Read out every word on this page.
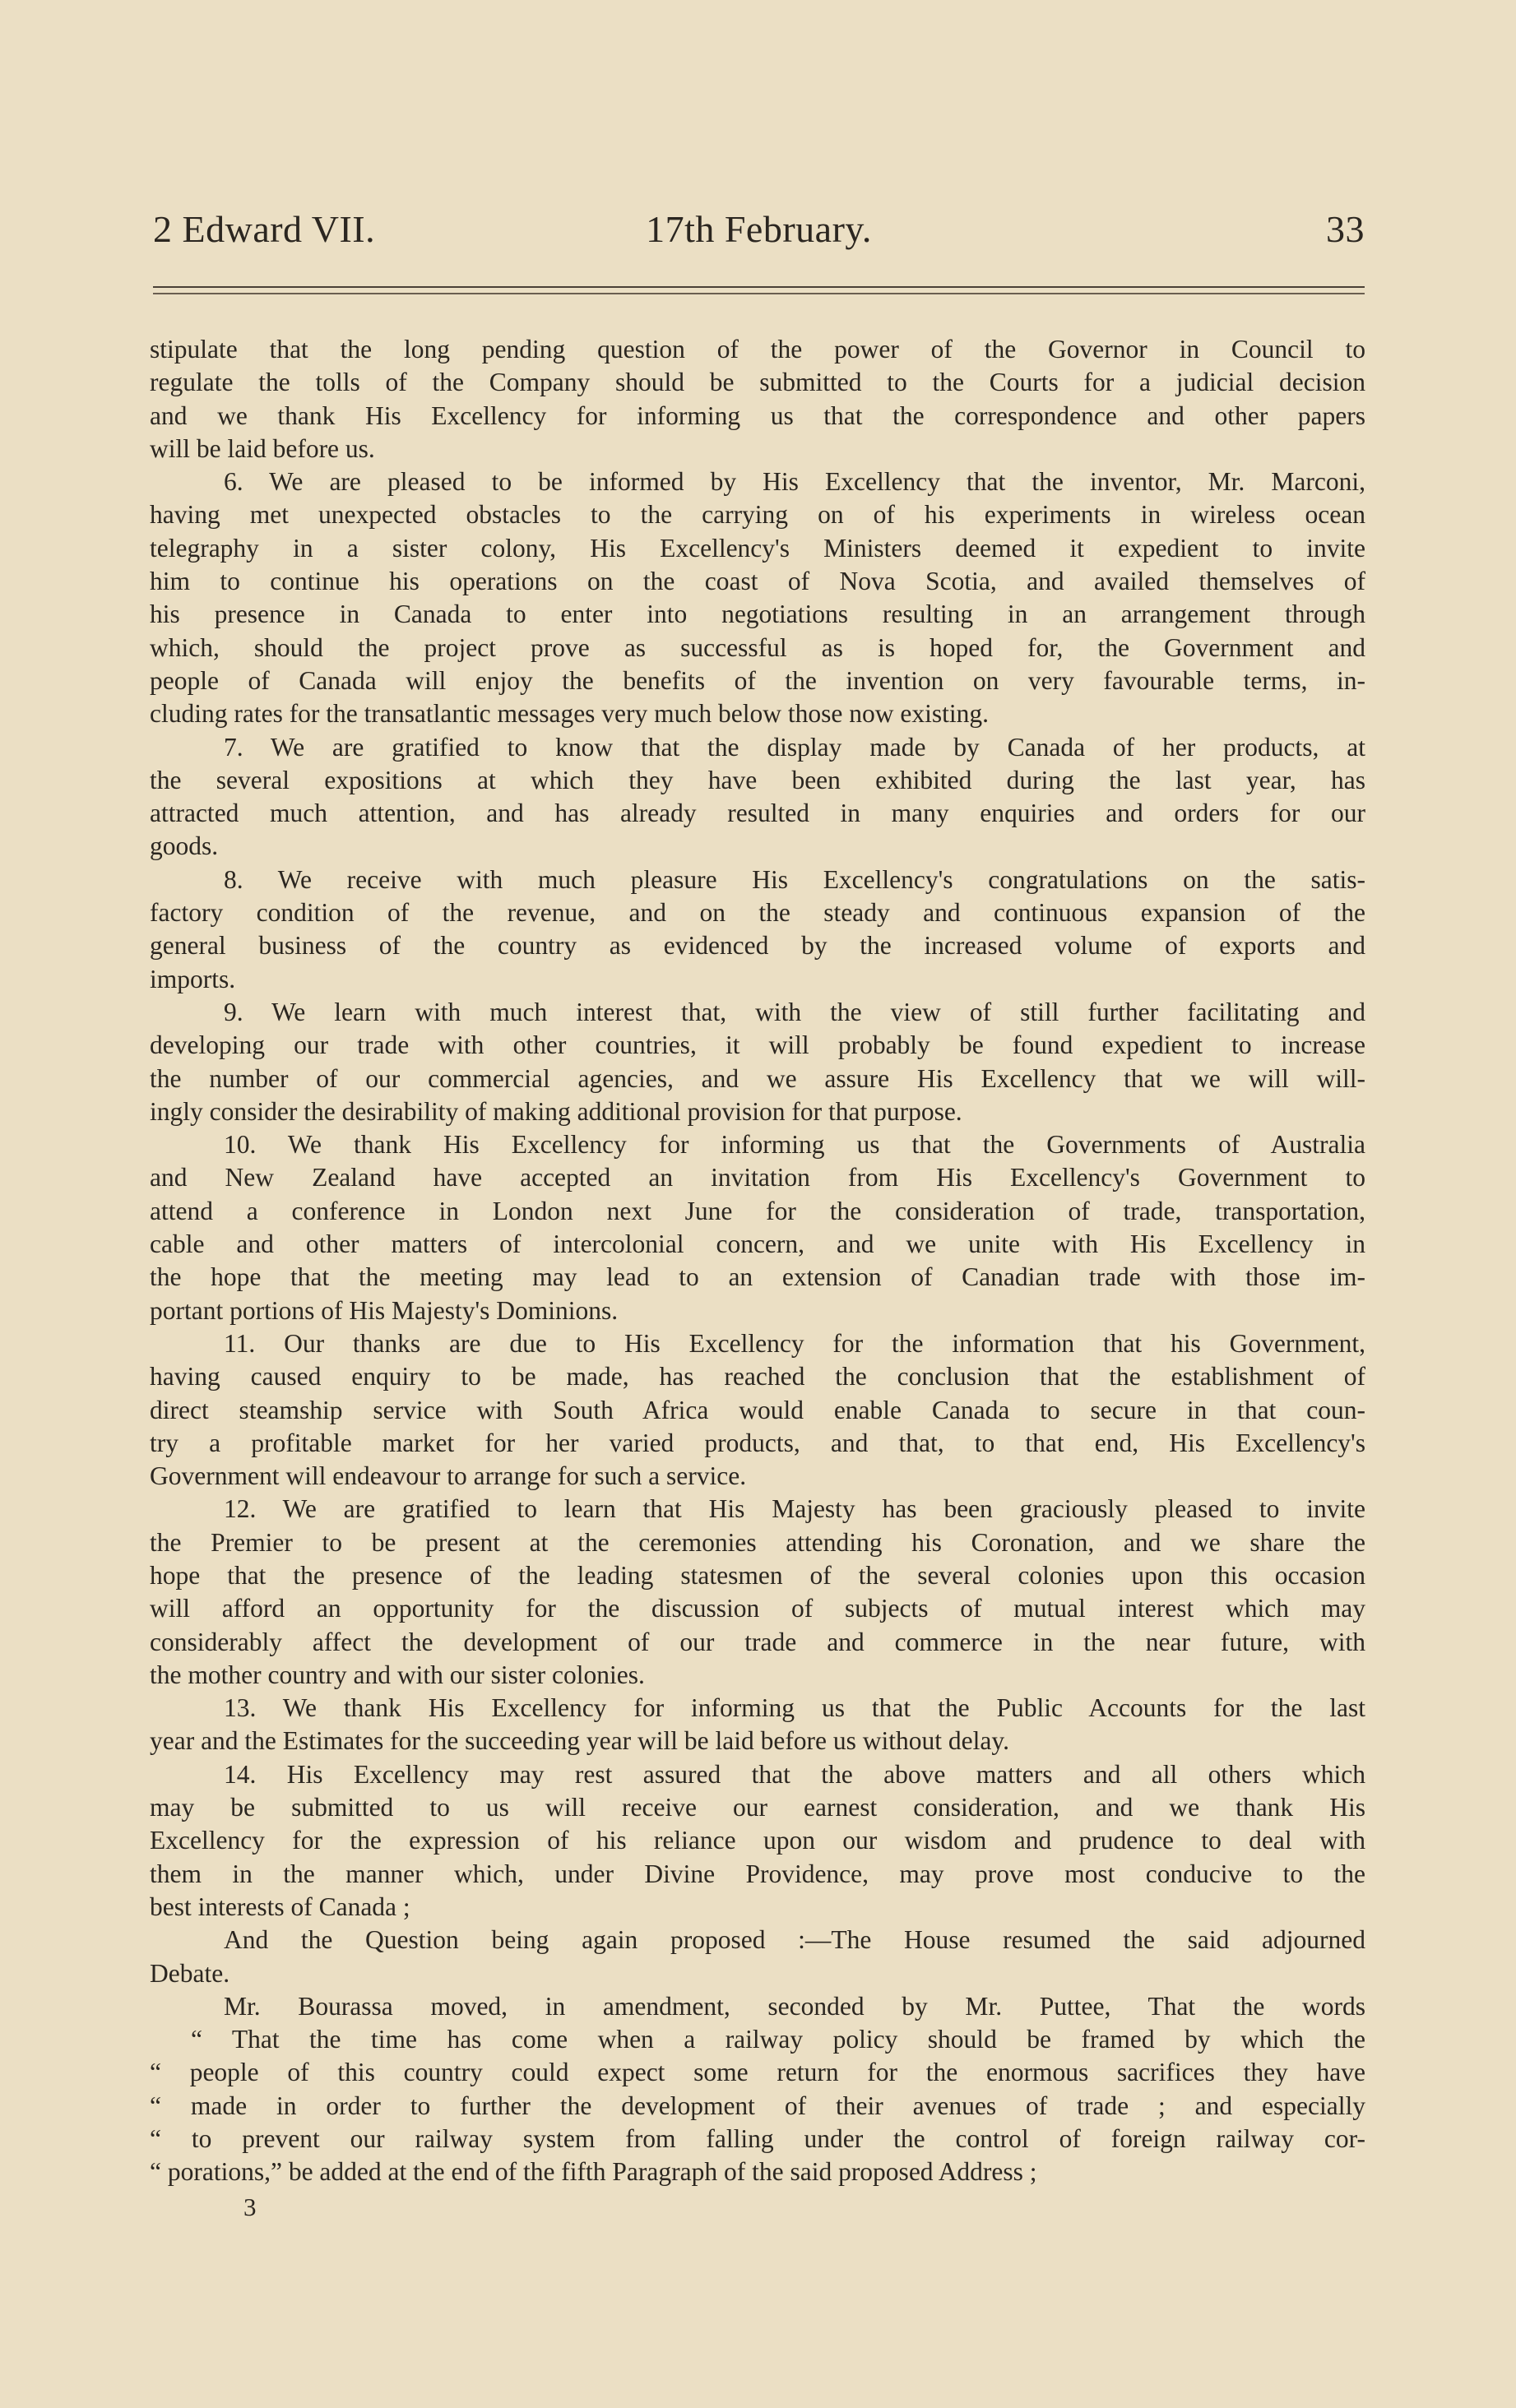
2 Edward VII.	17th February.	33

stipulate that the long pending question of the power of the Governor in Council to

regulate the tolls of the Company should be submitted to the Courts for a judicial decision

and we thank His Excellency for informing us that the correspondence and other papers

will be laid before us.

6. We are pleased to be informed by His Excellency that the inventor, Mr. Marconi,

having met unexpected obstacles to the carrying on of his experiments in wireless ocean

telegraphy in a sister colony, His Excellency's Ministers deemed it expedient to invite

him to continue his operations on the coast of Nova Scotia, and availed themselves of

his presence in Canada to enter into negotiations resulting in an arrangement through

which, should the project prove as successful as is hoped for, the Government and

people of Canada will enjoy the benefits of the invention on very favourable terms, in-

cluding rates for the transatlantic messages very much below those now existing.

7. We are gratified to know that the display made by Canada of her products, at

the several expositions at which they have been exhibited during the last year, has

attracted much attention, and has already resulted in many enquiries and orders for our

goods.

8. We receive with much pleasure His Excellency's congratulations on the satis-

factory condition of the revenue, and on the steady and continuous expansion of the

general business of the country as evidenced by the increased volume of exports and

imports.

9. We learn with much interest that, with the view of still further facilitating and

developing our trade with other countries, it will probably be found expedient to increase

the number of our commercial agencies, and we assure His Excellency that we will will-

ingly consider the desirability of making additional provision for that purpose.

10. We thank His Excellency for informing us that the Governments of Australia

and New Zealand have accepted an invitation from His Excellency's Government to

attend a conference in London next June for the consideration of trade, transportation,

cable and other matters of intercolonial concern, and we unite with His Excellency in

the hope that the meeting may lead to an extension of Canadian trade with those im-

portant portions of His Majesty's Dominions.

11. Our thanks are due to His Excellency for the information that his Government,

having caused enquiry to be made, has reached the conclusion that the establishment of

direct steamship service with South Africa would enable Canada to secure in that coun-

try a profitable market for her varied products, and that, to that end, His Excellency's

Government will endeavour to arrange for such a service.

12. We are gratified to learn that His Majesty has been graciously pleased to invite

the Premier to be present at the ceremonies attending his Coronation, and we share the

hope that the presence of the leading statesmen of the several colonies upon this occasion

will afford an opportunity for the discussion of subjects of mutual interest which may

considerably affect the development of our trade and commerce in the near future, with

the mother country and with our sister colonies.

13. We thank His Excellency for informing us that the Public Accounts for the last

year and the Estimates for the succeeding year will be laid before us without delay.

14. His Excellency may rest assured that the above matters and all others which

may be submitted to us will receive our earnest consideration, and we thank His

Excellency for the expression of his reliance upon our wisdom and prudence to deal with

them in the manner which, under Divine Providence, may prove most conducive to the

best interests of Canada ;

And the Question being again proposed :—The House resumed the said adjourned

Debate.

Mr. Bourassa moved, in amendment, seconded by Mr. Puttee, That the words

“ That the time has come when a railway policy should be framed by which the

“ people of this country could expect some return for the enormous sacrifices they have

“ made in order to further the development of their avenues of trade ; and especially

“ to prevent our railway system from falling under the control of foreign railway cor-

“ porations,” be added at the end of the fifth Paragraph of the said proposed Address ;

3
